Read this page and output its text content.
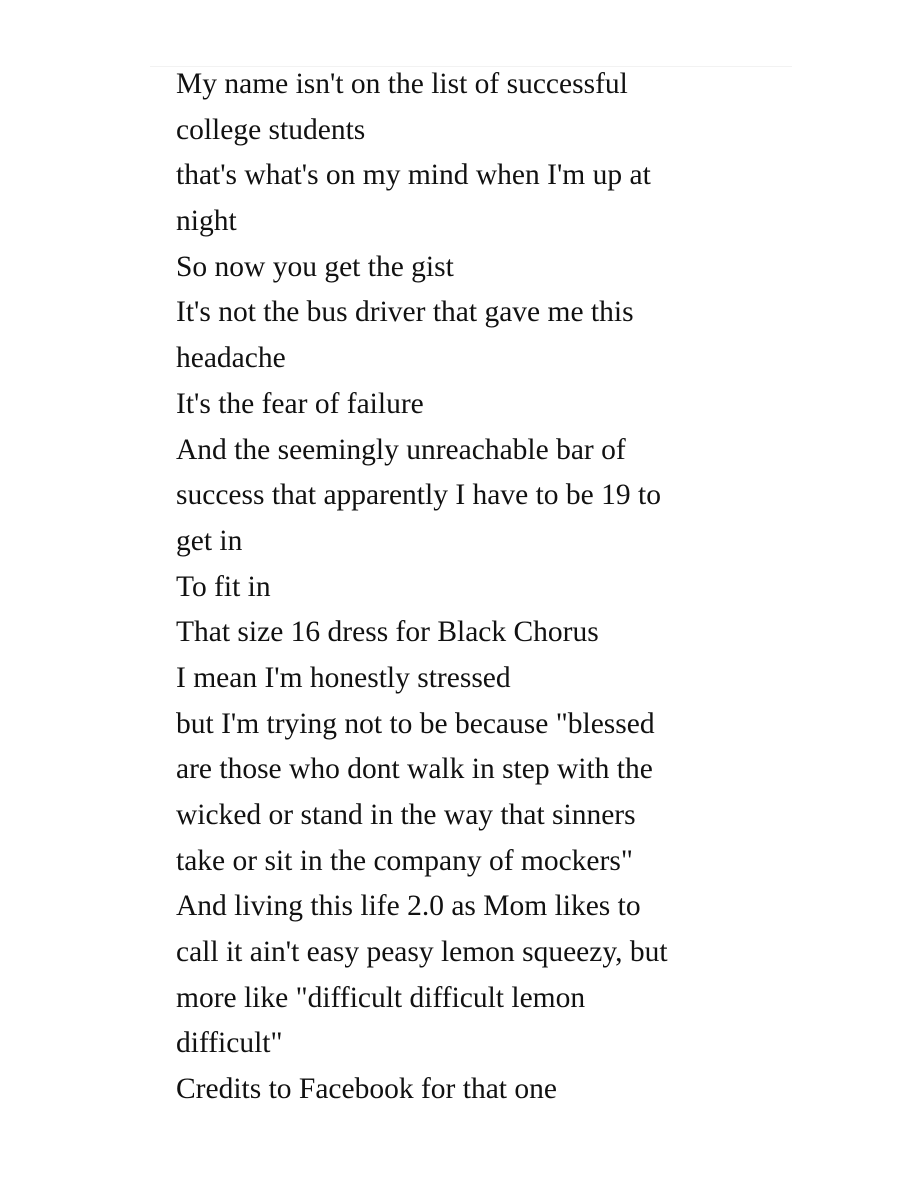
My name isn't on the list of successful
college students
that's what's on my mind when I'm up at
night
So now you get the gist
It's not the bus driver that gave me this
headache
It's the fear of failure
And the seemingly unreachable bar of
success that apparently I have to be 19 to
get in
To fit in
That size 16 dress for Black Chorus
I mean I'm honestly stressed
but I'm trying not to be because "blessed
are those who dont walk in step with the
wicked or stand in the way that sinners
take or sit in the company of mockers"
And living this life 2.0 as Mom likes to
call it ain't easy peasy lemon squeezy, but
more like "difficult difficult lemon
difficult"
Credits to Facebook for that one
